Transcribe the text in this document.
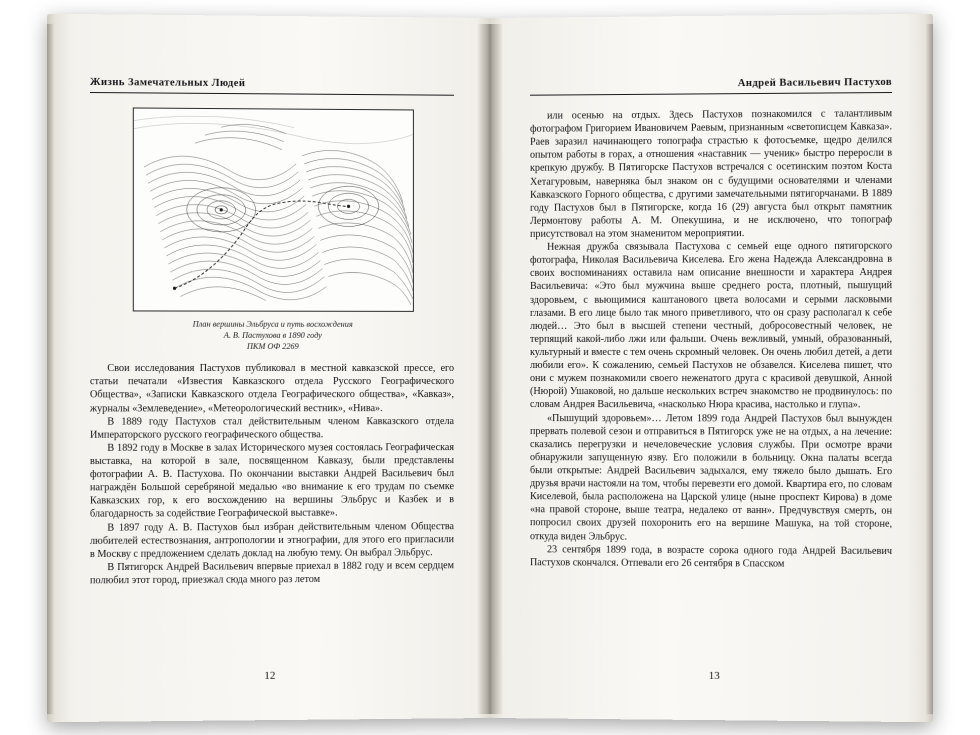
Жизнь Замечательных Людей
План вершины Эльбруса и путь восхождения
А. В. Пастухова в 1890 году
ПКМ ОФ 2269

Свои исследования Пастухов публиковал в местной кавказской прессе, его статьи печатали «Известия Кавказского отдела Русского Географического Общества», «Записки Кавказского отдела Географического общества», «Кавказ», журналы «Землеведение», «Метеорологический вестник», «Нива».

В 1889 году Пастухов стал действительным членом Кавказского отдела Императорского русского географического общества.

В 1892 году в Москве в залах Исторического музея состоялась Географическая выставка, на которой в зале, посвященном Кавказу, были представлены фотографии А. В. Пастухова. По окончании выставки Андрей Васильевич был награждён Большой серебряной медалью «во внимание к его трудам по съемке Кавказских гор, к его восхождению на вершины Эльбрус и Казбек и в благодарность за содействие Географической выставке».

В 1897 году А. В. Пастухов был избран действительным членом Общества любителей естествознания, антропологии и этнографии, для этого его пригласили в Москву с предложением сделать доклад на любую тему. Он выбрал Эльбрус.

В Пятигорск Андрей Васильевич впервые приехал в 1882 году и всем сердцем полюбил этот город, приезжал сюда много раз летом

12
Андрей Васильевич Пастухов

или осенью на отдых. Здесь Пастухов познакомился с талантливым фотографом Григорием Ивановичем Раевым, признанным «светописцем Кавказа». Раев заразил начинающего топографа страстью к фотосъемке, щедро делился опытом работы в горах, а отношения «наставник — ученик» быстро переросли в крепкую дружбу. В Пятигорске Пастухов встречался с осетинским поэтом Коста Хетагуровым, наверняка был знаком он с будущими основателями и членами Кавказского Горного общества, с другими замечательными пятигорчанами. В 1889 году Пастухов был в Пятигорске, когда 16 (29) августа был открыт памятник Лермонтову работы А. М. Опекушина, и не исключено, что топограф присутствовал на этом знаменитом мероприятии.

Нежная дружба связывала Пастухова с семьей еще одного пятигорского фотографа, Николая Васильевича Киселева. Его жена Надежда Александровна в своих воспоминаниях оставила нам описание внешности и характера Андрея Васильевича: «Это был мужчина выше среднего роста, плотный, пышущий здоровьем, с вьющимися каштанового цвета волосами и серыми ласковыми глазами. В его лице было так много приветливого, что он сразу располагал к себе людей… Это был в высшей степени честный, добросовестный человек, не терпящий какой-либо лжи или фальши. Очень вежливый, умный, образованный, культурный и вместе с тем очень скромный человек. Он очень любил детей, а дети любили его». К сожалению, семьей Пастухов не обзавелся. Киселева пишет, что они с мужем познакомили своего неженатого друга с красивой девушкой, Анной (Нюрой) Ушаковой, но дальше нескольких встреч знакомство не продвинулось: по словам Андрея Васильевича, «насколько Нюра красива, настолько и глупа».

«Пышущий здоровьем»… Летом 1899 года Андрей Пастухов был вынужден прервать полевой сезон и отправиться в Пятигорск уже не на отдых, а на лечение: сказались перегрузки и нечеловеческие условия службы. При осмотре врачи обнаружили запущенную язву. Его положили в больницу. Окна палаты всегда были открытые: Андрей Васильевич задыхался, ему тяжело было дышать. Его друзья врачи настояли на том, чтобы перевезти его домой. Квартира его, по словам Киселевой, была расположена на Царской улице (ныне проспект Кирова) в доме «на правой стороне, выше театра, недалеко от ванн». Предчувствуя смерть, он попросил своих друзей похоронить его на вершине Машука, на той стороне, откуда виден Эльбрус.

23 сентября 1899 года, в возрасте сорока одного года Андрей Васильевич Пастухов скончался. Отпевали его 26 сентября в Спасском

13
